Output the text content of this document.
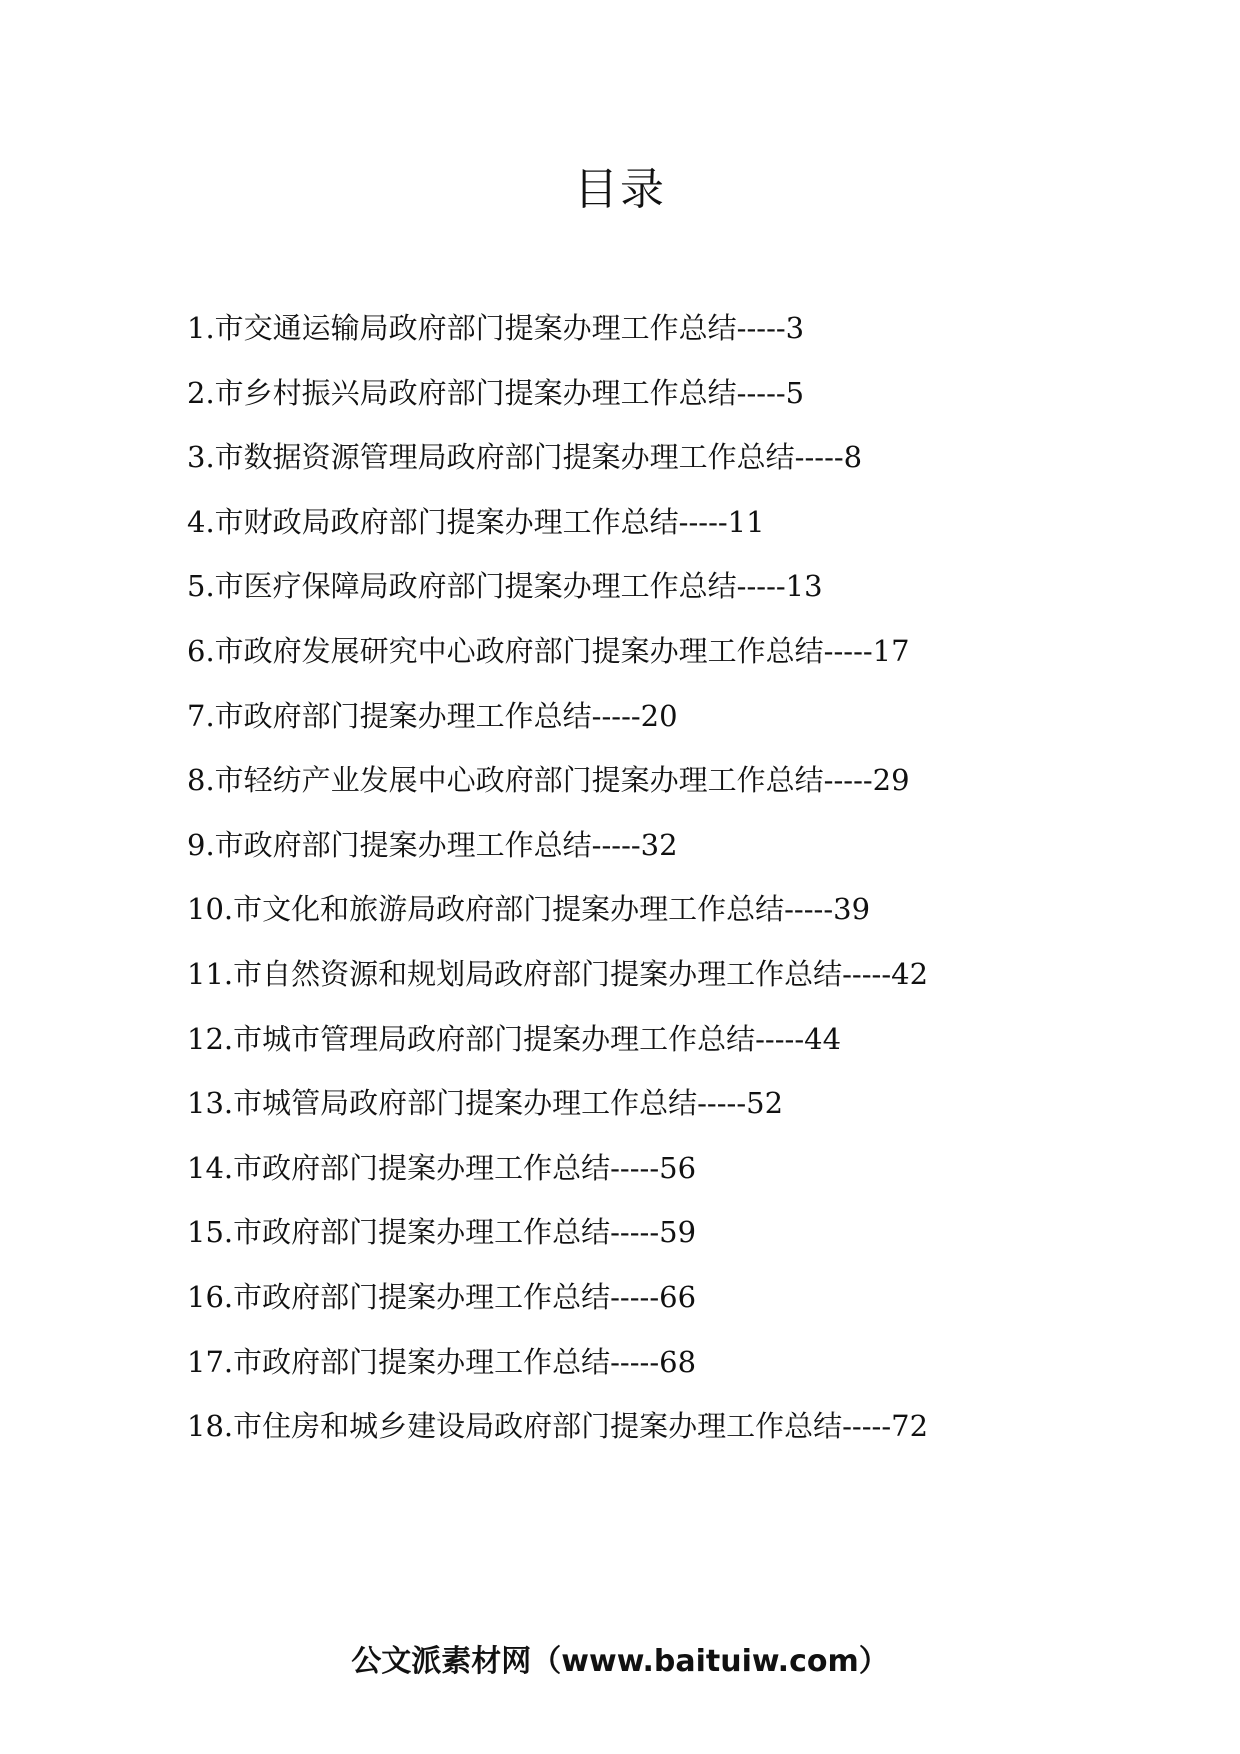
目录
1.市交通运输局政府部门提案办理工作总结-----3
2.市乡村振兴局政府部门提案办理工作总结-----5
3.市数据资源管理局政府部门提案办理工作总结-----8
4.市财政局政府部门提案办理工作总结-----11
5.市医疗保障局政府部门提案办理工作总结-----13
6.市政府发展研究中心政府部门提案办理工作总结-----17
7.市政府部门提案办理工作总结-----20
8.市轻纺产业发展中心政府部门提案办理工作总结-----29
9.市政府部门提案办理工作总结-----32
10.市文化和旅游局政府部门提案办理工作总结-----39
11.市自然资源和规划局政府部门提案办理工作总结-----42
12.市城市管理局政府部门提案办理工作总结-----44
13.市城管局政府部门提案办理工作总结-----52
14.市政府部门提案办理工作总结-----56
15.市政府部门提案办理工作总结-----59
16.市政府部门提案办理工作总结-----66
17.市政府部门提案办理工作总结-----68
18.市住房和城乡建设局政府部门提案办理工作总结-----72
公文派素材网（www.baituiw.com）
